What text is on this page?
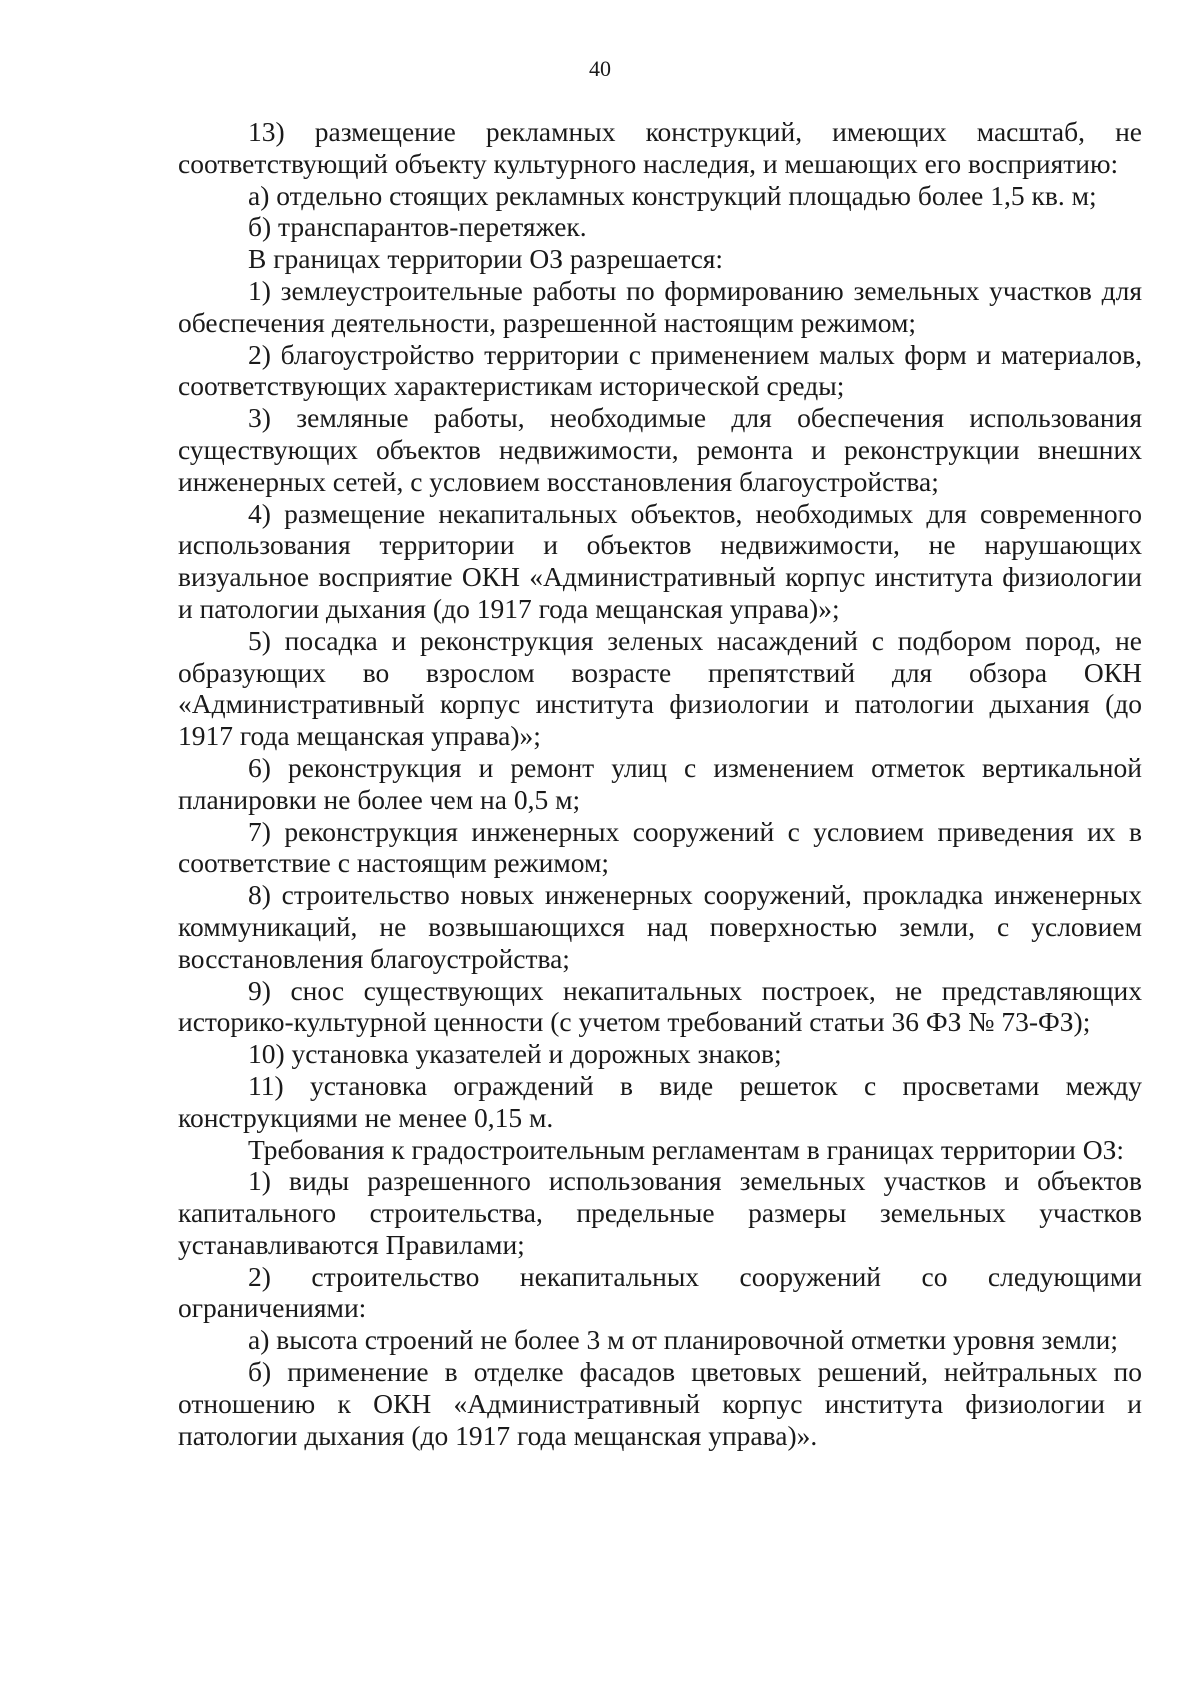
40

13) размещение рекламных конструкций, имеющих масштаб, не соответствующий объекту культурного наследия, и мешающих его восприятию:

а) отдельно стоящих рекламных конструкций площадью более 1,5 кв. м;

б) транспарантов-перетяжек.

В границах территории ОЗ разрешается:

1) землеустроительные работы по формированию земельных участков для обеспечения деятельности, разрешенной настоящим режимом;

2) благоустройство территории с применением малых форм и материалов, соответствующих характеристикам исторической среды;

3) земляные работы, необходимые для обеспечения использования существующих объектов недвижимости, ремонта и реконструкции внешних инженерных сетей, с условием восстановления благоустройства;

4) размещение некапитальных объектов, необходимых для современного использования территории и объектов недвижимости, не нарушающих визуальное восприятие ОКН «Административный корпус института физиологии и патологии дыхания (до 1917 года мещанская управа)»;

5) посадка и реконструкция зеленых насаждений с подбором пород, не образующих во взрослом возрасте препятствий для обзора ОКН «Административный корпус института физиологии и патологии дыхания (до 1917 года мещанская управа)»;

6) реконструкция и ремонт улиц с изменением отметок вертикальной планировки не более чем на 0,5 м;

7) реконструкция инженерных сооружений с условием приведения их в соответствие с настоящим режимом;

8) строительство новых инженерных сооружений, прокладка инженерных коммуникаций, не возвышающихся над поверхностью земли, с условием восстановления благоустройства;

9) снос существующих некапитальных построек, не представляющих историко-культурной ценности (с учетом требований статьи 36 ФЗ № 73-ФЗ);

10) установка указателей и дорожных знаков;

11) установка ограждений в виде решеток с просветами между конструкциями не менее 0,15 м.

Требования к градостроительным регламентам в границах территории ОЗ:

1) виды разрешенного использования земельных участков и объектов капитального строительства, предельные размеры земельных участков устанавливаются Правилами;

2) строительство некапитальных сооружений со следующими ограничениями:

а) высота строений не более 3 м от планировочной отметки уровня земли;

б) применение в отделке фасадов цветовых решений, нейтральных по отношению к ОКН «Административный корпус института физиологии и патологии дыхания (до 1917 года мещанская управа)».
